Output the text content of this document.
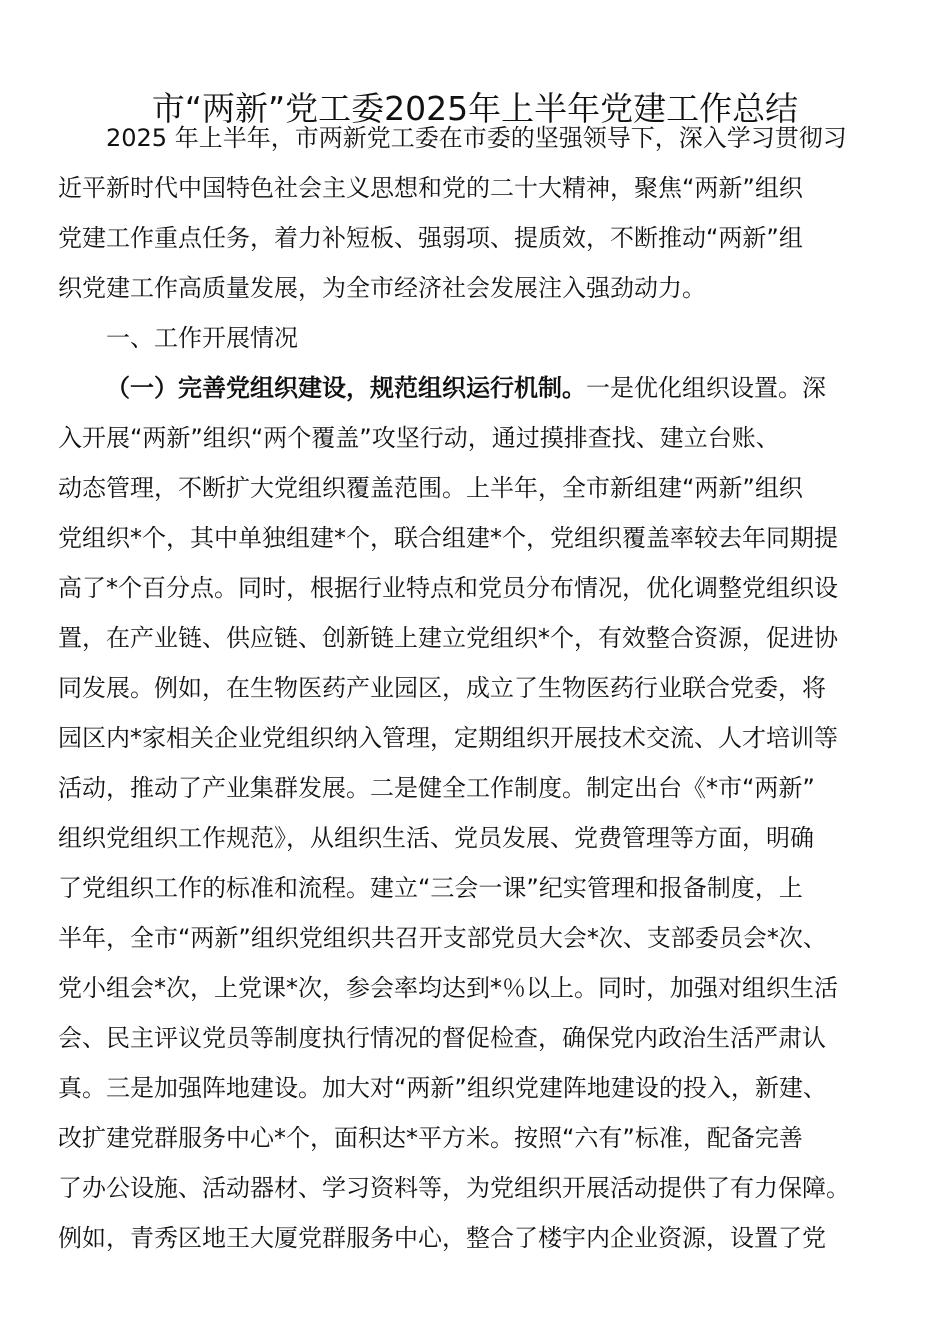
市“两新”党工委2025年上半年党建工作总结

2025 年上半年，市两新党工委在市委的坚强领导下，深入学习贯彻习

近平新时代中国特色社会主义思想和党的二十大精神，聚焦“两新”组织

党建工作重点任务，着力补短板、强弱项、提质效，不断推动“两新”组

织党建工作高质量发展，为全市经济社会发展注入强劲动力。

一、工作开展情况

（一）完善党组织建设，规范组织运行机制。一是优化组织设置。深

入开展“两新”组织“两个覆盖”攻坚行动，通过摸排查找、建立台账、

动态管理，不断扩大党组织覆盖范围。上半年，全市新组建“两新”组织

党组织*个，其中单独组建*个，联合组建*个，党组织覆盖率较去年同期提

高了*个百分点。同时，根据行业特点和党员分布情况，优化调整党组织设

置，在产业链、供应链、创新链上建立党组织*个，有效整合资源，促进协

同发展。例如，在生物医药产业园区，成立了生物医药行业联合党委，将

园区内*家相关企业党组织纳入管理，定期组织开展技术交流、人才培训等

活动，推动了产业集群发展。二是健全工作制度。制定出台《*市“两新”

组织党组织工作规范》，从组织生活、党员发展、党费管理等方面，明确

了党组织工作的标准和流程。建立“三会一课”纪实管理和报备制度，上

半年，全市“两新”组织党组织共召开支部党员大会*次、支部委员会*次、

党小组会*次，上党课*次，参会率均达到*％以上。同时，加强对组织生活

会、民主评议党员等制度执行情况的督促检查，确保党内政治生活严肃认

真。三是加强阵地建设。加大对“两新”组织党建阵地建设的投入，新建、

改扩建党群服务中心*个，面积达*平方米。按照“六有”标准，配备完善

了办公设施、活动器材、学习资料等，为党组织开展活动提供了有力保障。

例如，青秀区地王大厦党群服务中心，整合了楼宇内企业资源，设置了党
